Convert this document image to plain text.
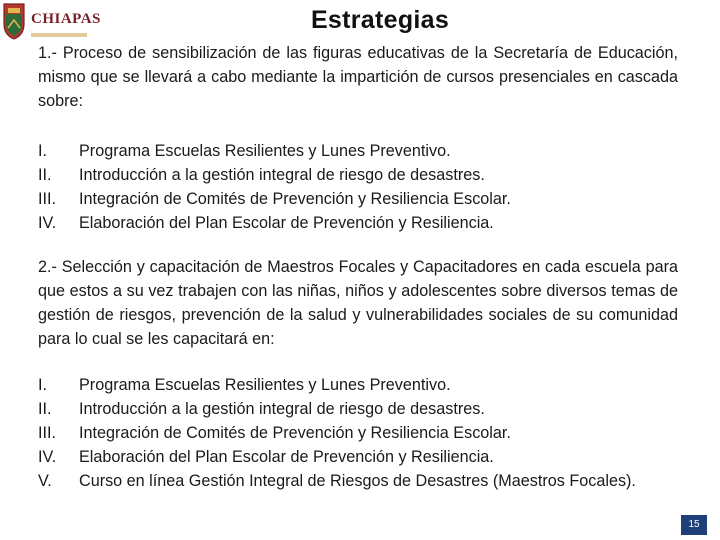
CHIAPAS	Estrategias

1.- Proceso de sensibilización de las figuras educativas de la Secretaría de Educación, mismo que se llevará a cabo mediante la impartición de cursos presenciales en cascada sobre:

I. Programa Escuelas Resilientes y Lunes Preventivo.
II. Introducción a la gestión integral de riesgo de desastres.
III. Integración de Comités de Prevención y Resiliencia Escolar.
IV. Elaboración del Plan Escolar de Prevención y Resiliencia.

2.- Selección y capacitación de Maestros Focales y Capacitadores en cada escuela para que estos a su vez trabajen con las niñas, niños y adolescentes sobre diversos temas de gestión de riesgos, prevención de la salud y vulnerabilidades sociales de su comunidad para lo cual se les capacitará en:

I. Programa Escuelas Resilientes y Lunes Preventivo.
II. Introducción a la gestión integral de riesgo de desastres.
III. Integración de Comités de Prevención y Resiliencia Escolar.
IV. Elaboración del Plan Escolar de Prevención y Resiliencia.
V. Curso en línea Gestión Integral de Riesgos de Desastres (Maestros Focales).
15
